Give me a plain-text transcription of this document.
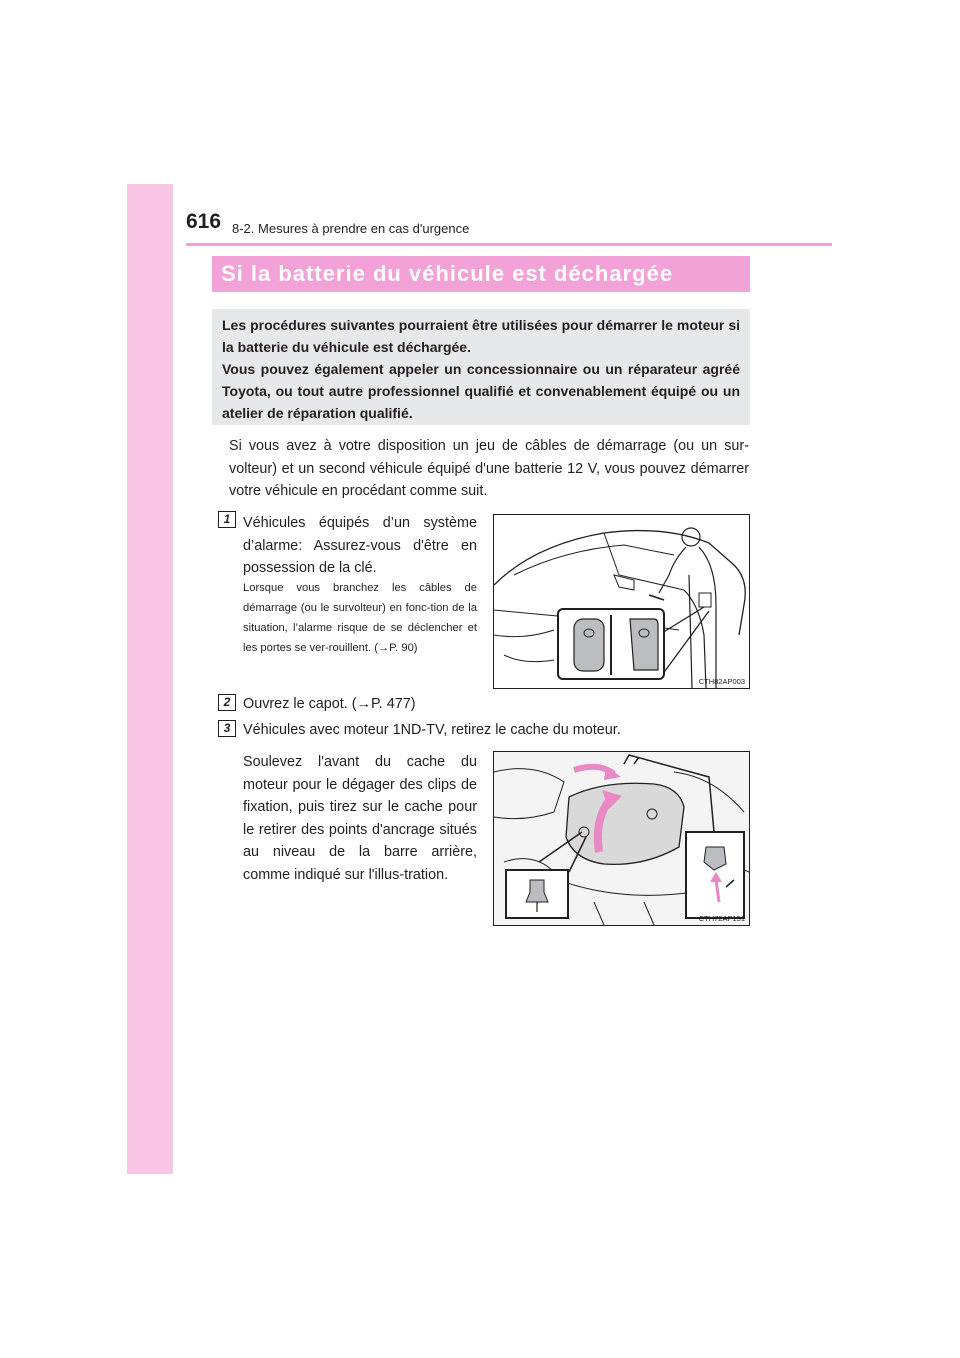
616 8-2. Mesures à prendre en cas d'urgence
Si la batterie du véhicule est déchargée

Les procédures suivantes pourraient être utilisées pour démarrer le moteur si la batterie du véhicule est déchargée.

Vous pouvez également appeler un concessionnaire ou un réparateur agréé Toyota, ou tout autre professionnel qualifié et convenablement équipé ou un atelier de réparation qualifié.

Si vous avez à votre disposition un jeu de câbles de démarrage (ou un sur-volteur) et un second véhicule équipé d'une batterie 12 V, vous pouvez démarrer votre véhicule en procédant comme suit.

1 Véhicules équipés d’un système d’alarme: Assurez-vous d'être en possession de la clé.

Lorsque vous branchez les câbles de démarrage (ou le survolteur) en fonc-tion de la situation, l’alarme risque de se déclencher et les portes se ver-rouillent. (→P. 90)

CTH82AP003
2 Ouvrez le capot. (→P. 477)

3 Véhicules avec moteur 1ND-TV, retirez le cache du moteur.

Soulevez l'avant du cache du moteur pour le dégager des clips de fixation, puis tirez sur le cache pour le retirer des points d'ancrage situés au niveau de la barre arrière, comme indiqué sur l'illus-tration.

CTH72AP151
